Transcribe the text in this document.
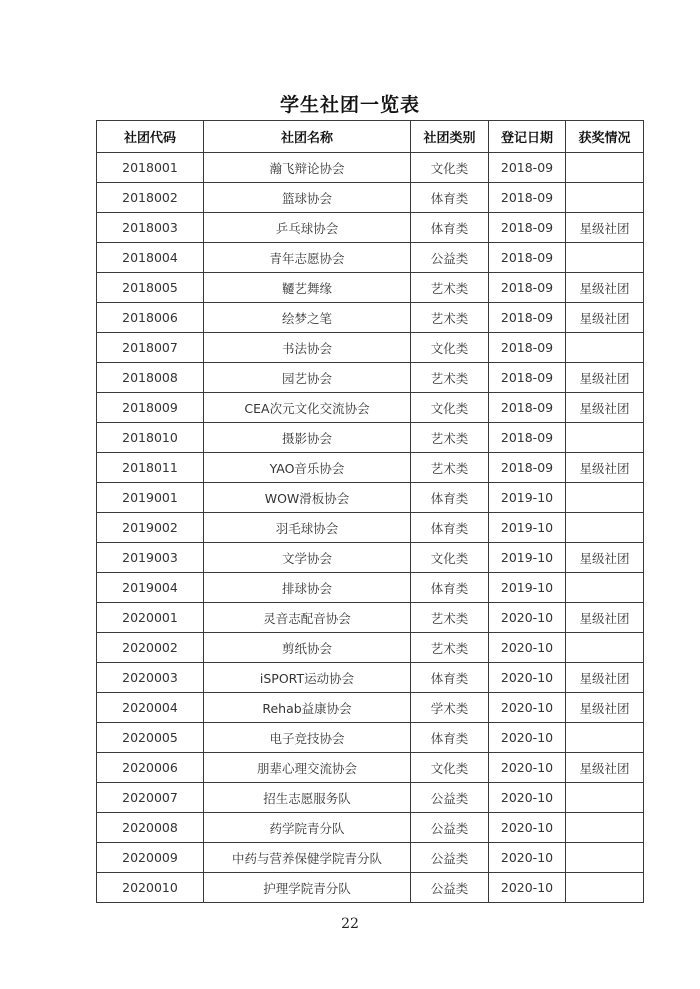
学生社团一览表
社团代码	社团名称	社团类别	登记日期	获奖情况
2018001	瀚飞辩论协会	文化类	2018-09	
2018002	篮球协会	体育类	2018-09	
2018003	乒乓球协会	体育类	2018-09	星级社团
2018004	青年志愿协会	公益类	2018-09	
2018005	韆艺舞缘	艺术类	2018-09	星级社团
2018006	绘梦之笔	艺术类	2018-09	星级社团
2018007	书法协会	文化类	2018-09	
2018008	园艺协会	艺术类	2018-09	星级社团
2018009	CEA次元文化交流协会	文化类	2018-09	星级社团
2018010	摄影协会	艺术类	2018-09	
2018011	YAO音乐协会	艺术类	2018-09	星级社团
2019001	WOW滑板协会	体育类	2019-10	
2019002	羽毛球协会	体育类	2019-10	
2019003	文学协会	文化类	2019-10	星级社团
2019004	排球协会	体育类	2019-10	
2020001	灵音志配音协会	艺术类	2020-10	星级社团
2020002	剪纸协会	艺术类	2020-10	
2020003	iSPORT运动协会	体育类	2020-10	星级社团
2020004	Rehab益康协会	学术类	2020-10	星级社团
2020005	电子竞技协会	体育类	2020-10	
2020006	朋辈心理交流协会	文化类	2020-10	星级社团
2020007	招生志愿服务队	公益类	2020-10	
2020008	药学院青分队	公益类	2020-10	
2020009	中药与营养保健学院青分队	公益类	2020-10	
2020010	护理学院青分队	公益类	2020-10	
22
